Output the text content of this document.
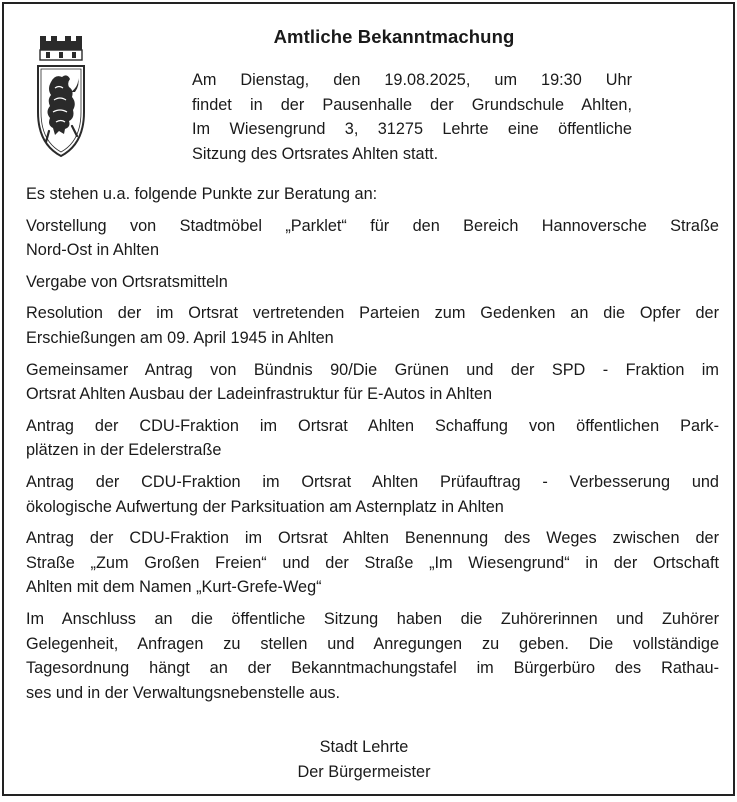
Amtliche Bekanntmachung
Am Dienstag, den 19.08.2025, um 19:30 Uhr
findet in der Pausenhalle der Grundschule Ahlten,
Im Wiesengrund 3, 31275 Lehrte eine öffentliche
Sitzung des Ortsrates Ahlten statt.
Es stehen u.a. folgende Punkte zur Beratung an:
Vorstellung von Stadtmöbel „Parklet“ für den Bereich Hannoversche Straße
Nord-Ost in Ahlten
Vergabe von Ortsratsmitteln
Resolution der im Ortsrat vertretenden Parteien zum Gedenken an die Opfer der
Erschießungen am 09. April 1945 in Ahlten
Gemeinsamer Antrag von Bündnis 90/Die Grünen und der SPD - Fraktion im
Ortsrat Ahlten Ausbau der Ladeinfrastruktur für E-Autos in Ahlten
Antrag der CDU-Fraktion im Ortsrat Ahlten Schaffung von öffentlichen Park-
plätzen in der Edelerstraße
Antrag der CDU-Fraktion im Ortsrat Ahlten Prüfauftrag - Verbesserung und
ökologische Aufwertung der Parksituation am Asternplatz in Ahlten
Antrag der CDU-Fraktion im Ortsrat Ahlten Benennung des Weges zwischen der
Straße „Zum Großen Freien“ und der Straße „Im Wiesengrund“ in der Ortschaft
Ahlten mit dem Namen „Kurt-Grefe-Weg“
Im Anschluss an die öffentliche Sitzung haben die Zuhörerinnen und Zuhörer
Gelegenheit, Anfragen zu stellen und Anregungen zu geben. Die vollständige
Tagesordnung hängt an der Bekanntmachungstafel im Bürgerbüro des Rathau-
ses und in der Verwaltungsnebenstelle aus.
Stadt Lehrte
Der Bürgermeister
